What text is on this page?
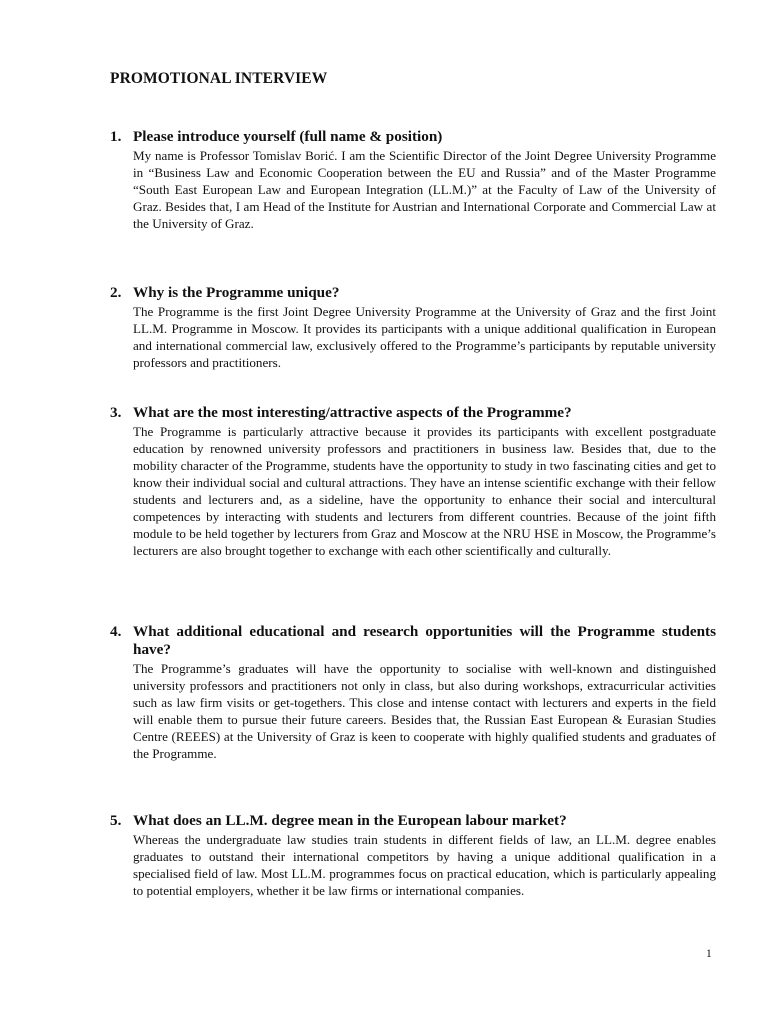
PROMOTIONAL INTERVIEW
1. Please introduce yourself (full name & position)

My name is Professor Tomislav Borić. I am the Scientific Director of the Joint Degree University Programme in “Business Law and Economic Cooperation between the EU and Russia” and of the Master Programme “South East European Law and European Integration (LL.M.)” at the Faculty of Law of the University of Graz. Besides that, I am Head of the Institute for Austrian and International Corporate and Commercial Law at the University of Graz.

2. Why is the Programme unique?

The Programme is the first Joint Degree University Programme at the University of Graz and the first Joint LL.M. Programme in Moscow. It provides its participants with a unique additional qualification in European and international commercial law, exclusively offered to the Programme’s participants by reputable university professors and practitioners.

3. What are the most interesting/attractive aspects of the Programme?

The Programme is particularly attractive because it provides its participants with excellent postgraduate education by renowned university professors and practitioners in business law. Besides that, due to the mobility character of the Programme, students have the opportunity to study in two fascinating cities and get to know their individual social and cultural attractions. They have an intense scientific exchange with their fellow students and lecturers and, as a sideline, have the opportunity to enhance their social and intercultural competences by interacting with students and lecturers from different countries. Because of the joint fifth module to be held together by lecturers from Graz and Moscow at the NRU HSE in Moscow, the Programme’s lecturers are also brought together to exchange with each other scientifically and culturally.

4. What additional educational and research opportunities will the Programme students have?

The Programme’s graduates will have the opportunity to socialise with well-known and distinguished university professors and practitioners not only in class, but also during workshops, extracurricular activities such as law firm visits or get-togethers. This close and intense contact with lecturers and experts in the field will enable them to pursue their future careers. Besides that, the Russian East European & Eurasian Studies Centre (REEES) at the University of Graz is keen to cooperate with highly qualified students and graduates of the Programme.

5. What does an LL.M. degree mean in the European labour market?

Whereas the undergraduate law studies train students in different fields of law, an LL.M. degree enables graduates to outstand their international competitors by having a unique additional qualification in a specialised field of law. Most LL.M. programmes focus on practical education, which is particularly appealing to potential employers, whether it be law firms or international companies.

1
